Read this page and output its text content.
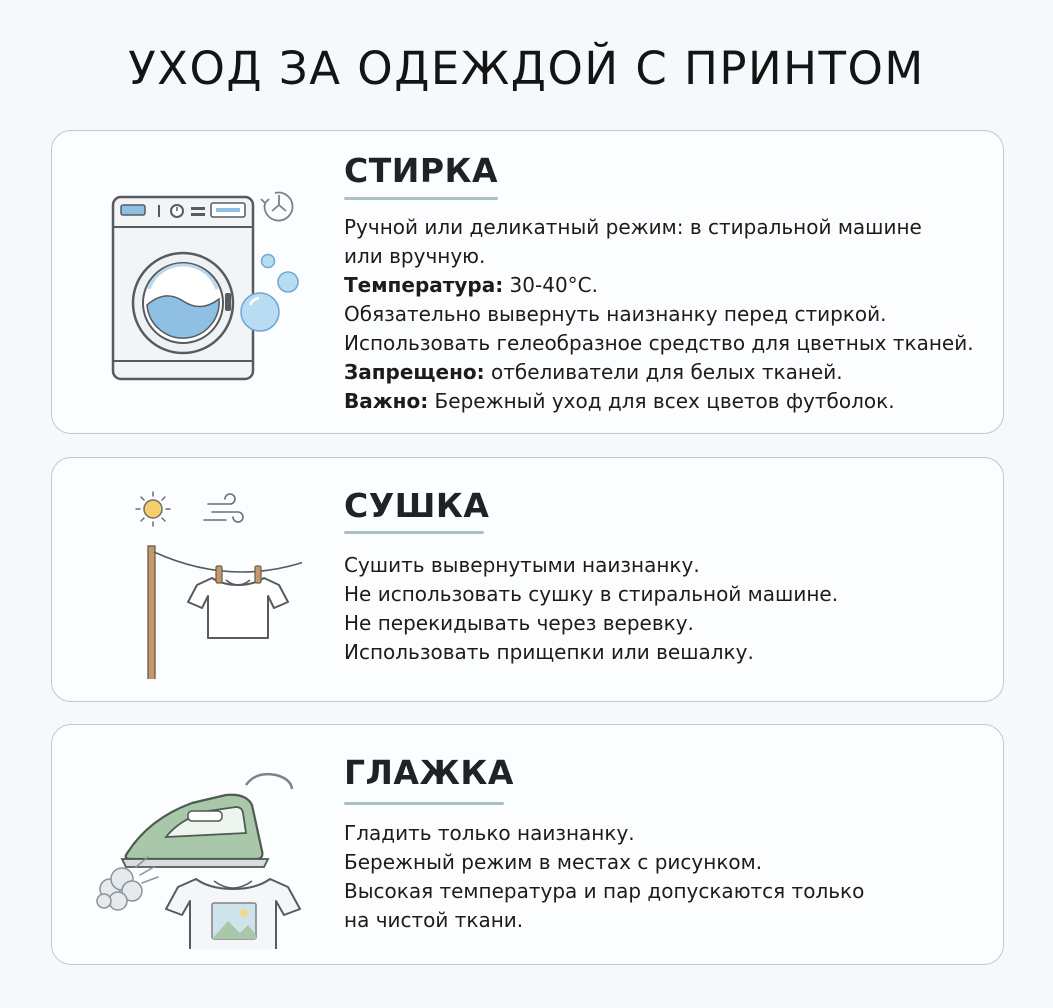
УХОД ЗА ОДЕЖДОЙ С ПРИНТОМ
СТИРКА
Ручной или деликатный режим: в стиральной машине
или вручную.
Температура: 30-40°C.
Обязательно вывернуть наизнанку перед стиркой.
Использовать гелеобразное средство для цветных тканей.
Запрещено: отбеливатели для белых тканей.
Важно: Бережный уход для всех цветов футболок.
СУШКА
Сушить вывернутыми наизнанку.
Не использовать сушку в стиральной машине.
Не перекидывать через веревку.
Использовать прищепки или вешалку.
ГЛАЖКА
Гладить только наизнанку.
Бережный режим в местах с рисунком.
Высокая температура и пар допускаются только
на чистой ткани.
